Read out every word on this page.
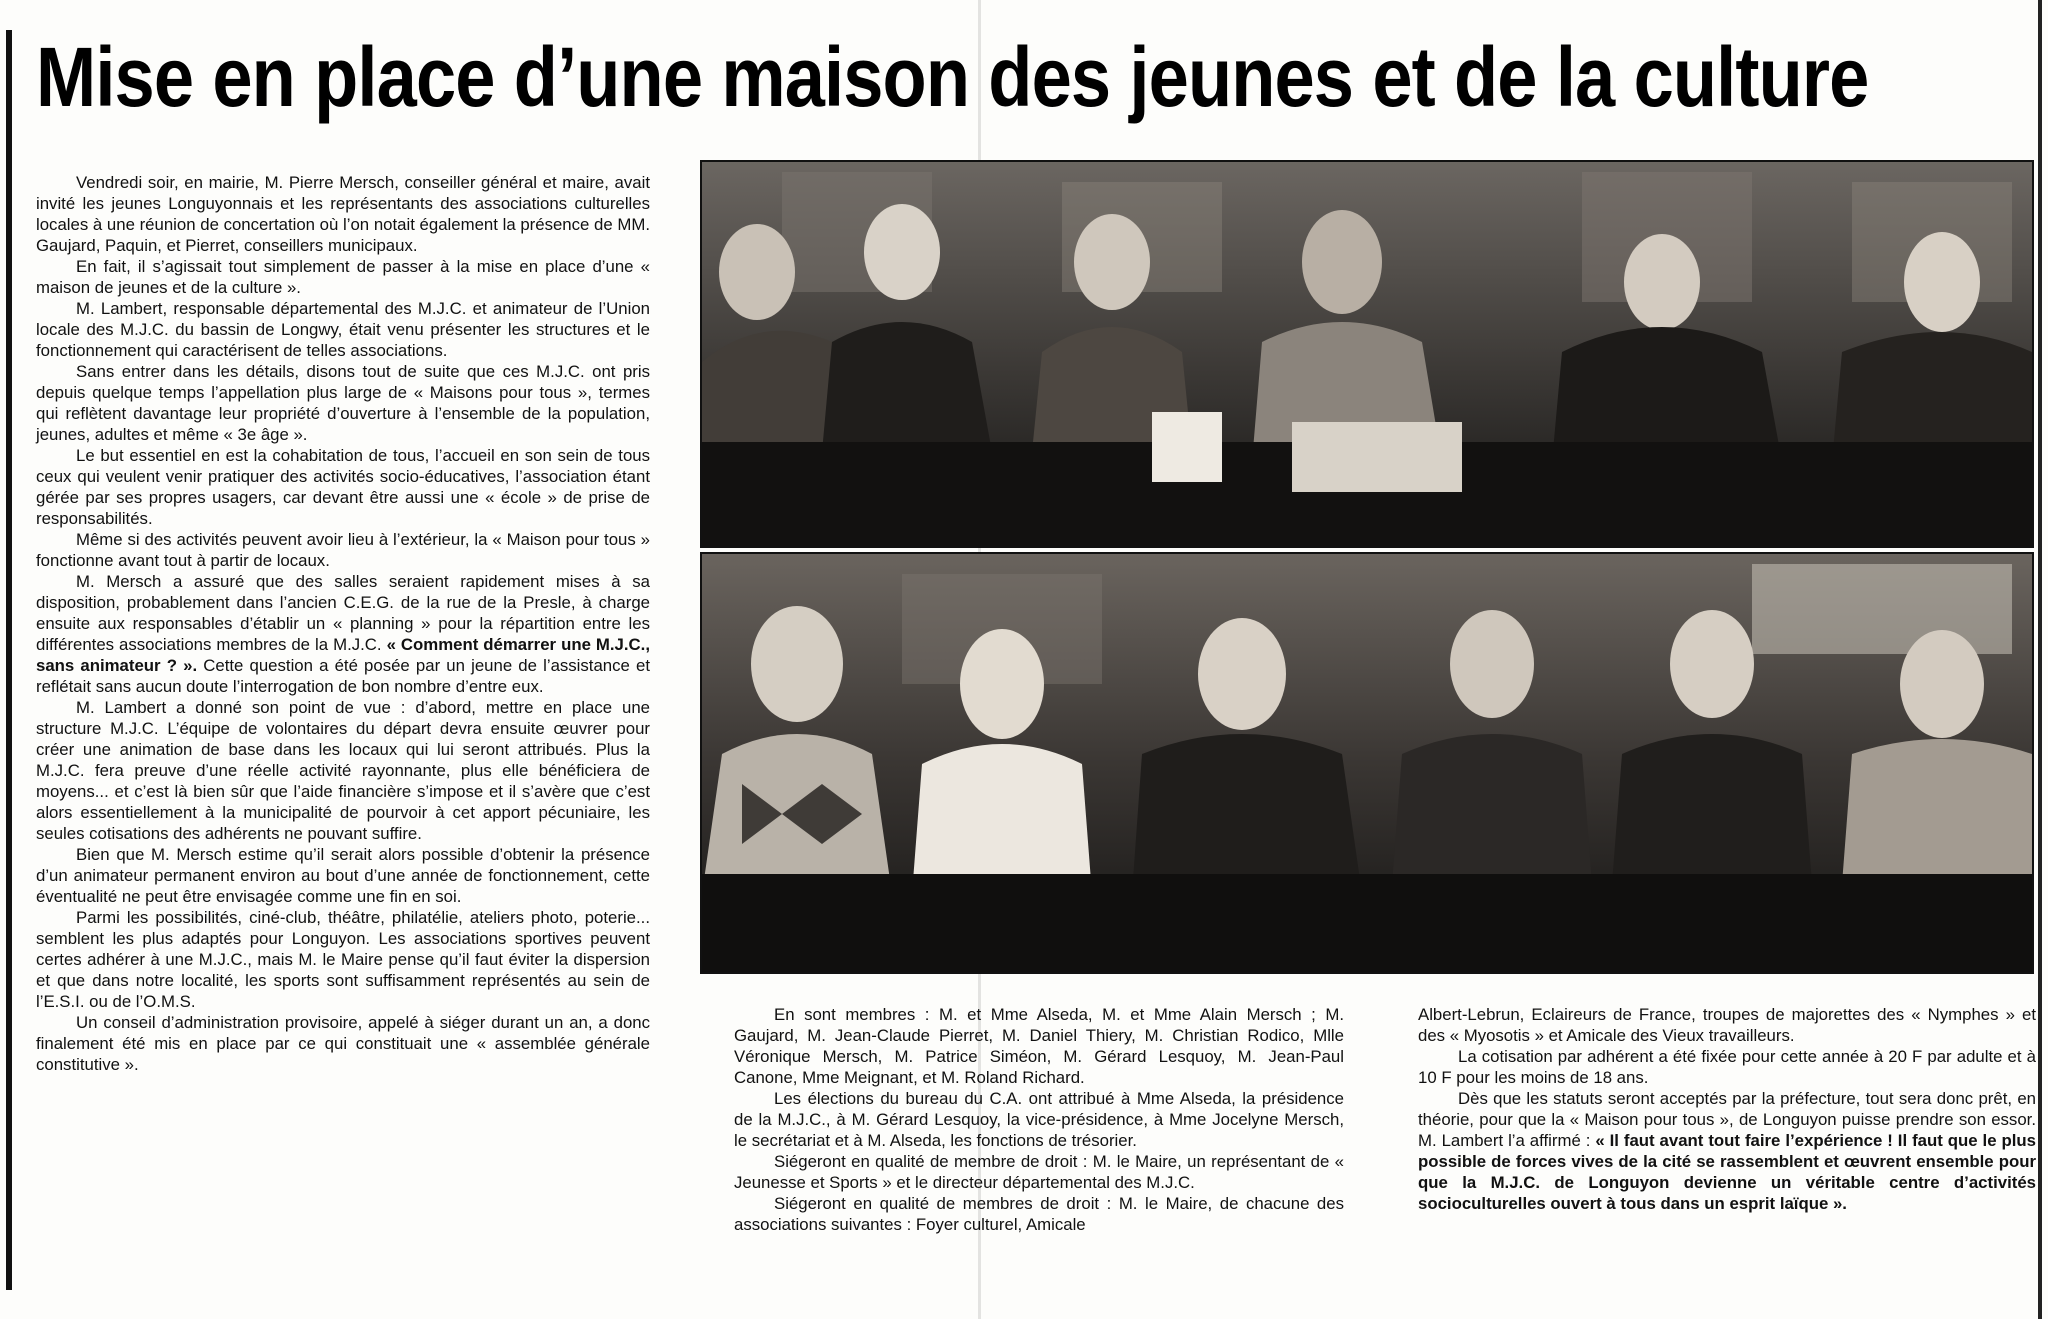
Mise en place d’une maison des jeunes et de la culture

Vendredi soir, en mairie, M. Pierre Mersch, conseiller général et maire, avait invité les jeunes Longuyonnais et les représentants des associations culturelles locales à une réunion de concertation où l’on notait également la présence de MM. Gaujard, Paquin, et Pierret, conseillers municipaux.

En fait, il s’agissait tout simplement de passer à la mise en place d’une « maison de jeunes et de la culture ».

M. Lambert, responsable départemental des M.J.C. et animateur de l’Union locale des M.J.C. du bassin de Longwy, était venu présenter les structures et le fonctionnement qui caractérisent de telles associations.

Sans entrer dans les détails, disons tout de suite que ces M.J.C. ont pris depuis quelque temps l’appellation plus large de « Maisons pour tous », termes qui reflètent davantage leur propriété d’ouverture à l’ensemble de la population, jeunes, adultes et même « 3e âge ».

Le but essentiel en est la cohabitation de tous, l’accueil en son sein de tous ceux qui veulent venir pratiquer des activités socio-éducatives, l’association étant gérée par ses propres usagers, car devant être aussi une « école » de prise de responsabilités.

Même si des activités peuvent avoir lieu à l’extérieur, la « Maison pour tous » fonctionne avant tout à partir de locaux.

M. Mersch a assuré que des salles seraient rapidement mises à sa disposition, probablement dans l’ancien C.E.G. de la rue de la Presle, à charge ensuite aux responsables d’établir un « planning » pour la répartition entre les différentes associations membres de la M.J.C. « Comment démarrer une M.J.C., sans animateur ? ». Cette question a été posée par un jeune de l’assistance et reflétait sans aucun doute l’interrogation de bon nombre d’entre eux.

M. Lambert a donné son point de vue : d’abord, mettre en place une structure M.J.C. L’équipe de volontaires du départ devra ensuite œuvrer pour créer une animation de base dans les locaux qui lui seront attribués. Plus la M.J.C. fera preuve d’une réelle activité rayonnante, plus elle bénéficiera de moyens... et c’est là bien sûr que l’aide financière s’impose et il s’avère que c’est alors essentiellement à la municipalité de pourvoir à cet apport pécuniaire, les seules cotisations des adhérents ne pouvant suffire.

Bien que M. Mersch estime qu’il serait alors possible d’obtenir la présence d’un animateur permanent environ au bout d’une année de fonctionnement, cette éventualité ne peut être envisagée comme une fin en soi.

Parmi les possibilités, ciné-club, théâtre, philatélie, ateliers photo, poterie... semblent les plus adaptés pour Longuyon. Les associations sportives peuvent certes adhérer à une M.J.C., mais M. le Maire pense qu’il faut éviter la dispersion et que dans notre localité, les sports sont suffisamment représentés au sein de l’E.S.I. ou de l’O.M.S.

Un conseil d’administration provisoire, appelé à siéger durant un an, a donc finalement été mis en place par ce qui constituait une « assemblée générale constitutive ».

En sont membres : M. et Mme Alseda, M. et Mme Alain Mersch ; M. Gaujard, M. Jean-Claude Pierret, M. Daniel Thiery, M. Christian Rodico, Mlle Véronique Mersch, M. Patrice Siméon, M. Gérard Lesquoy, M. Jean-Paul Canone, Mme Meignant, et M. Roland Richard.

Les élections du bureau du C.A. ont attribué à Mme Alseda, la présidence de la M.J.C., à M. Gérard Lesquoy, la vice-présidence, à Mme Jocelyne Mersch, le secrétariat et à M. Alseda, les fonctions de trésorier.

Siégeront en qualité de membre de droit : M. le Maire, un représentant de « Jeunesse et Sports » et le directeur départemental des M.J.C.

Siégeront en qualité de membres de droit : M. le Maire, de chacune des associations suivantes : Foyer culturel, Amicale

Albert-Lebrun, Eclaireurs de France, troupes de majorettes des « Nymphes » et des « Myosotis » et Amicale des Vieux travailleurs.

La cotisation par adhérent a été fixée pour cette année à 20 F par adulte et à 10 F pour les moins de 18 ans.

Dès que les statuts seront acceptés par la préfecture, tout sera donc prêt, en théorie, pour que la « Maison pour tous », de Longuyon puisse prendre son essor. M. Lambert l’a affirmé : « Il faut avant tout faire l’expérience ! Il faut que le plus possible de forces vives de la cité se rassemblent et œuvrent ensemble pour que la M.J.C. de Longuyon devienne un véritable centre d’activités socioculturelles ouvert à tous dans un esprit laïque ».
